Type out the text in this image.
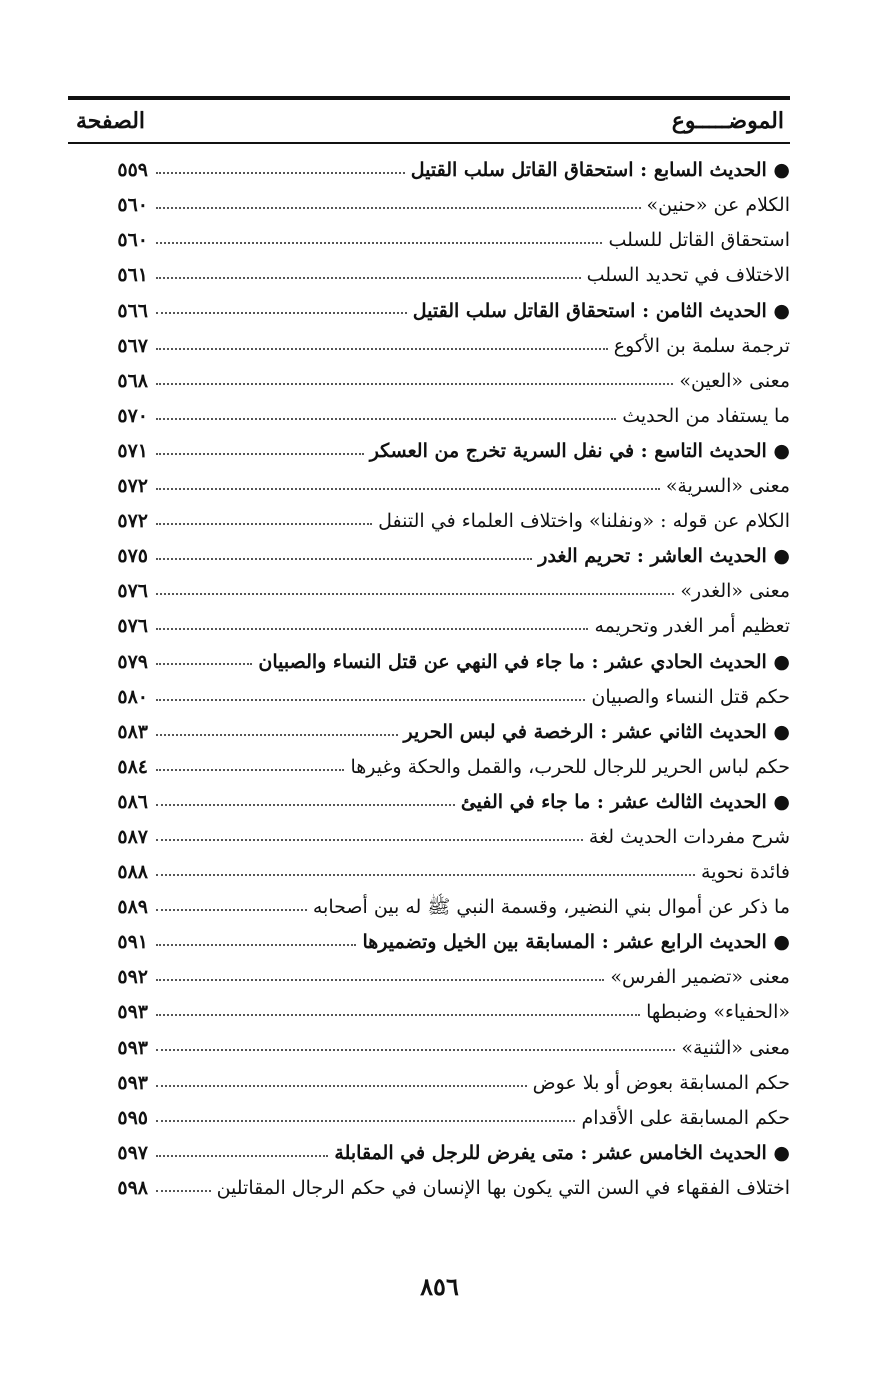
الموضـــــوع
الصفحة
● الحديث السابع : استحقاق القاتل سلب القتيل
٥٥٩
الكلام عن «حنين»
٥٦٠
استحقاق القاتل للسلب
٥٦٠
الاختلاف في تحديد السلب
٥٦١
● الحديث الثامن : استحقاق القاتل سلب القتيل
٥٦٦
ترجمة سلمة بن الأكوع
٥٦٧
معنى «العين»
٥٦٨
ما يستفاد من الحديث
٥٧٠
● الحديث التاسع : في نفل السرية تخرج من العسكر
٥٧١
معنى «السرية»
٥٧٢
الكلام عن قوله : «ونفلنا» واختلاف العلماء في التنفل
٥٧٢
● الحديث العاشر : تحريم الغدر
٥٧٥
معنى «الغدر»
٥٧٦
تعظيم أمر الغدر وتحريمه
٥٧٦
● الحديث الحادي عشر : ما جاء في النهي عن قتل النساء والصبيان
٥٧٩
حكم قتل النساء والصبيان
٥٨٠
● الحديث الثاني عشر : الرخصة في لبس الحرير
٥٨٣
حكم لباس الحرير للرجال للحرب، والقمل والحكة وغيرها
٥٨٤
● الحديث الثالث عشر : ما جاء في الفيئ
٥٨٦
شرح مفردات الحديث لغة
٥٨٧
فائدة نحوية
٥٨٨
ما ذكر عن أموال بني النضير، وقسمة النبي ﷺ له بين أصحابه
٥٨٩
● الحديث الرابع عشر : المسابقة بين الخيل وتضميرها
٥٩١
معنى «تضمير الفرس»
٥٩٢
«الحفياء» وضبطها
٥٩٣
معنى «الثنية»
٥٩٣
حكم المسابقة بعوض أو بلا عوض
٥٩٣
حكم المسابقة على الأقدام
٥٩٥
● الحديث الخامس عشر : متى يفرض للرجل في المقابلة
٥٩٧
اختلاف الفقهاء في السن التي يكون بها الإنسان في حكم الرجال المقاتلين
٥٩٨
٨٥٦
